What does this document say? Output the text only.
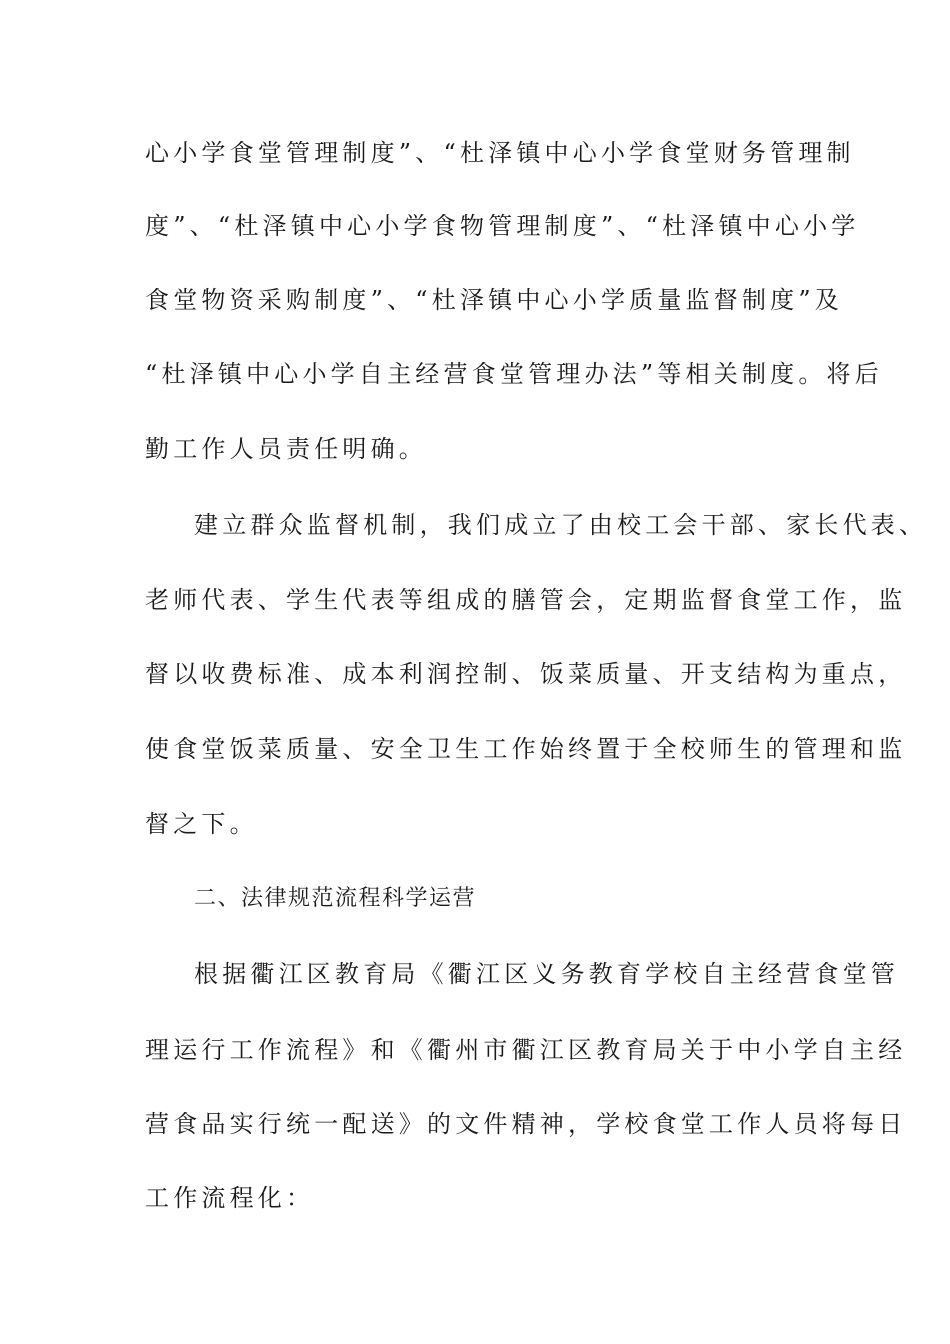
心小学食堂管理制度”、“杜泽镇中心小学食堂财务管理制
度”、“杜泽镇中心小学食物管理制度”、“杜泽镇中心小学
食堂物资采购制度”、“杜泽镇中心小学质量监督制度”及
“杜泽镇中心小学自主经营食堂管理办法”等相关制度。将后
勤工作人员责任明确。
建立群众监督机制，我们成立了由校工会干部、家长代表、
老师代表、学生代表等组成的膳管会，定期监督食堂工作，监
督以收费标准、成本利润控制、饭菜质量、开支结构为重点，
使食堂饭菜质量、安全卫生工作始终置于全校师生的管理和监
督之下。
二、法律规范流程科学运营
根据衢江区教育局《衢江区义务教育学校自主经营食堂管
理运行工作流程》和《衢州市衢江区教育局关于中小学自主经
营食品实行统一配送》的文件精神，学校食堂工作人员将每日
工作流程化：
